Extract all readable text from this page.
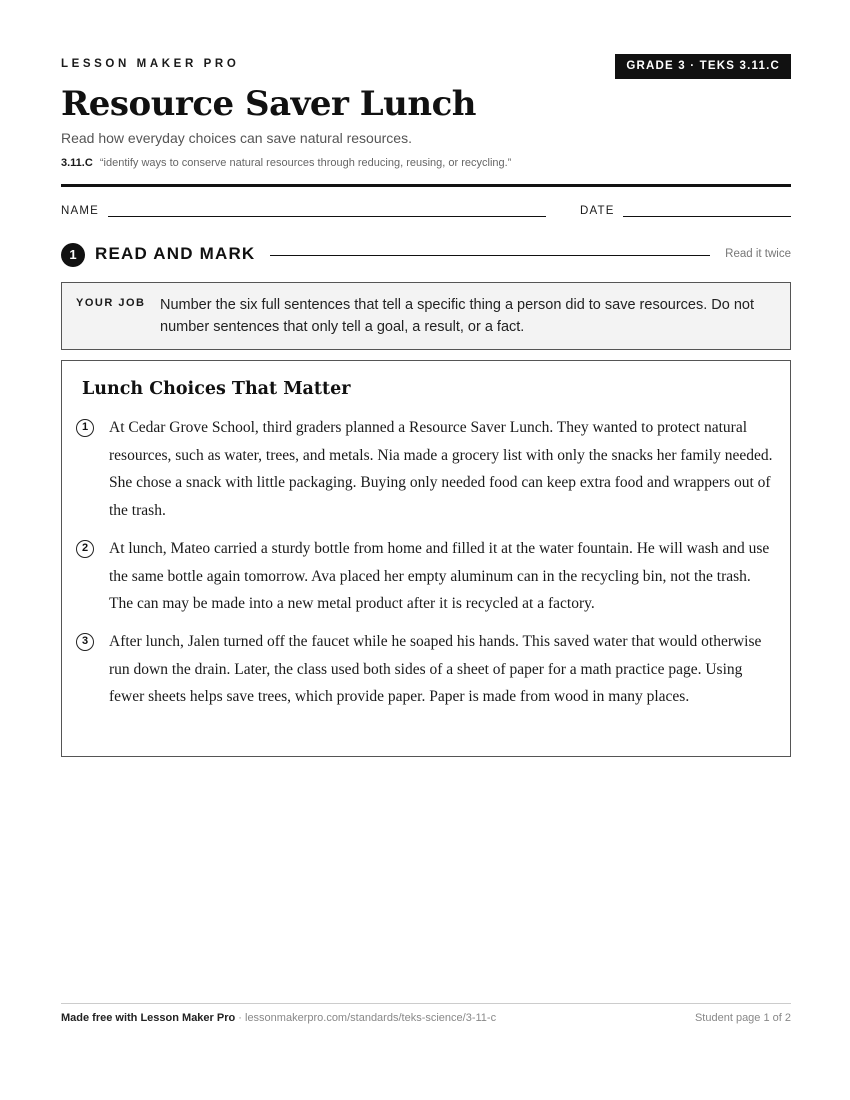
LESSON MAKER PRO	GRADE 3 · TEKS 3.11.C
Resource Saver Lunch
Read how everyday choices can save natural resources.
3.11.C “identify ways to conserve natural resources through reducing, reusing, or recycling.”
NAME	DATE
1	READ AND MARK	Read it twice
YOUR JOB Number the six full sentences that tell a specific thing a person did to save resources. Do not number sentences that only tell a goal, a result, or a fact.
Lunch Choices That Matter
1	At Cedar Grove School, third graders planned a Resource Saver Lunch. They wanted to protect natural resources, such as water, trees, and metals. Nia made a grocery list with only the snacks her family needed. She chose a snack with little packaging. Buying only needed food can keep extra food and wrappers out of the trash.
2	At lunch, Mateo carried a sturdy bottle from home and filled it at the water fountain. He will wash and use the same bottle again tomorrow. Ava placed her empty aluminum can in the recycling bin, not the trash. The can may be made into a new metal product after it is recycled at a factory.
3	After lunch, Jalen turned off the faucet while he soaped his hands. This saved water that would otherwise run down the drain. Later, the class used both sides of a sheet of paper for a math practice page. Using fewer sheets helps save trees, which provide paper. Paper is made from wood in many places.
Made free with Lesson Maker Pro · lessonmakerpro.com/standards/teks-science/3-11-c	Student page 1 of 2
